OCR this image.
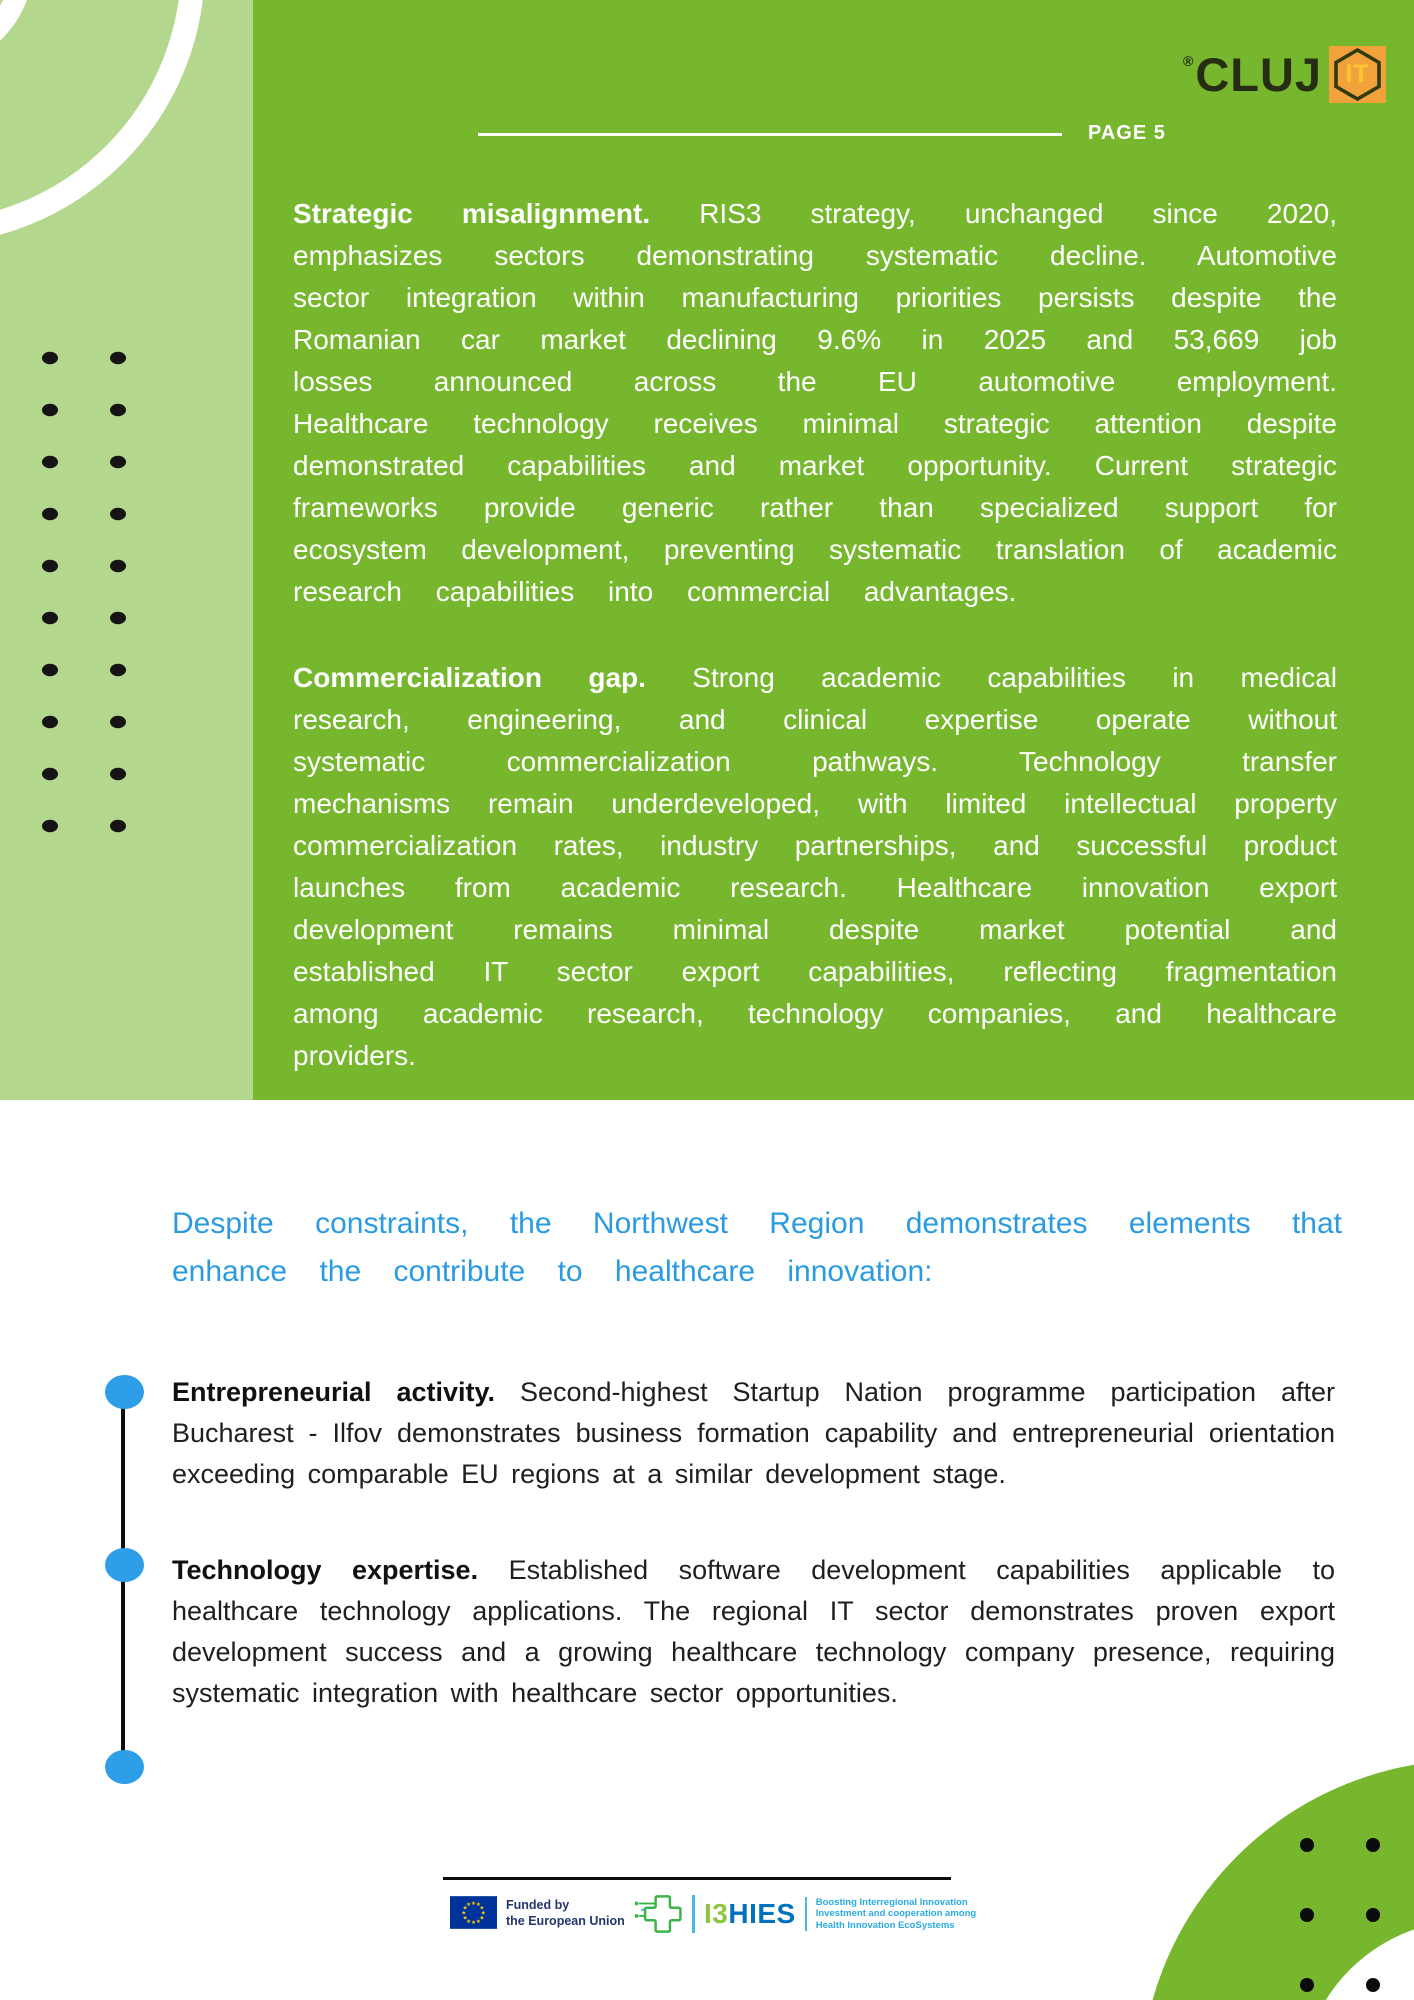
® CLUJ IT
PAGE 5

Strategic misalignment. RIS3 strategy, unchanged since 2020, emphasizes sectors demonstrating systematic decline. Automotive sector integration within manufacturing priorities persists despite the Romanian car market declining 9.6% in 2025 and 53,669 job losses announced across the EU automotive employment. Healthcare technology receives minimal strategic attention despite demonstrated capabilities and market opportunity. Current strategic frameworks provide generic rather than specialized support for ecosystem development, preventing systematic translation of academic research capabilities into commercial advantages.

Commercialization gap. Strong academic capabilities in medical research, engineering, and clinical expertise operate without systematic commercialization pathways. Technology transfer mechanisms remain underdeveloped, with limited intellectual property commercialization rates, industry partnerships, and successful product launches from academic research. Healthcare innovation export development remains minimal despite market potential and established IT sector export capabilities, reflecting fragmentation among academic research, technology companies, and healthcare providers.

Despite constraints, the Northwest Region demonstrates elements that enhance the contribute to healthcare innovation:

Entrepreneurial activity. Second-highest Startup Nation programme participation after Bucharest - Ilfov demonstrates business formation capability and entrepreneurial orientation exceeding comparable EU regions at a similar development stage.

Technology expertise. Established software development capabilities applicable to healthcare technology applications. The regional IT sector demonstrates proven export development success and a growing healthcare technology company presence, requiring systematic integration with healthcare sector opportunities.

★ ★
★
★
★
★
★
★
★
★
★
★	Funded by
the European Union	I3HIES Boosting Interregional Innovation
Investment and cooperation among
Health Innovation EcoSystems
